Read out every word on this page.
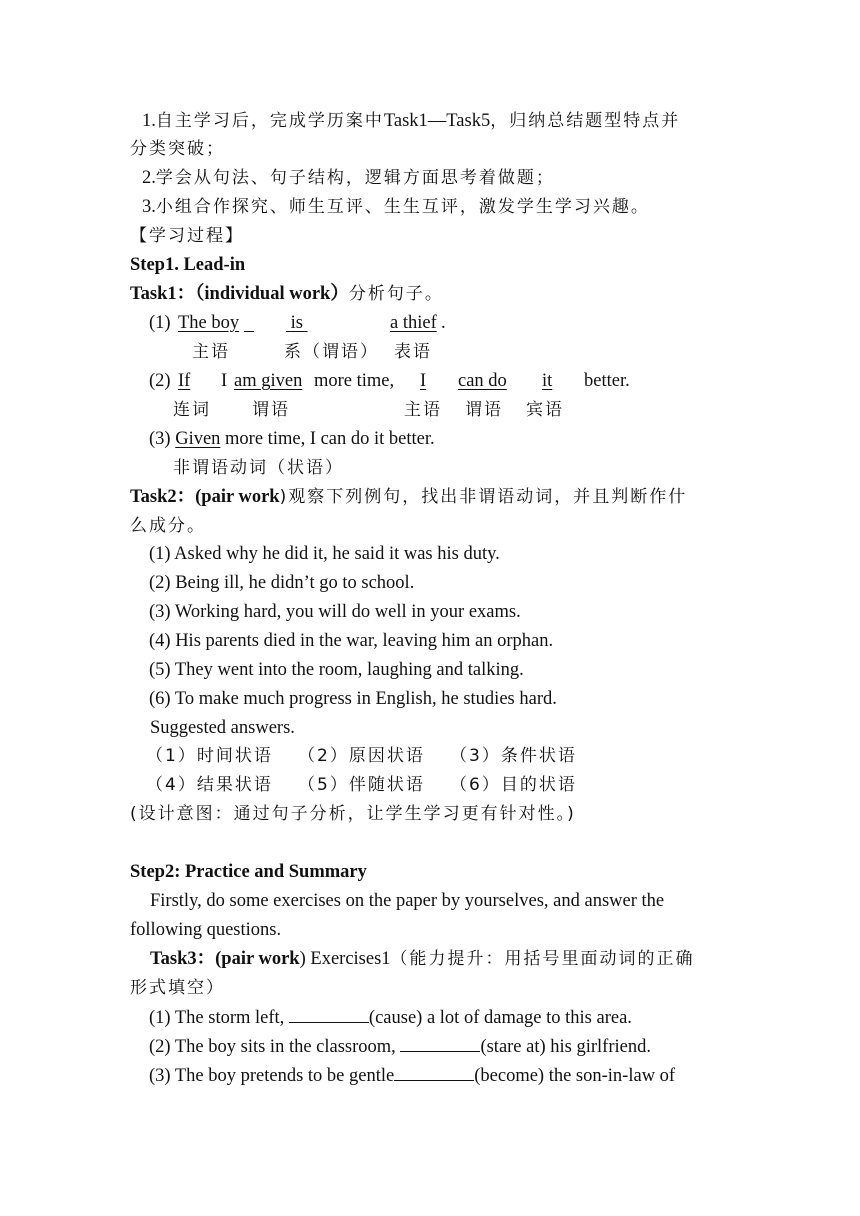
1.自主学习后，完成学历案中Task1—Task5，归纳总结题型特点并
分类突破；
2.学会从句法、句子结构，逻辑方面思考着做题；
3.小组合作探究、师生互评、生生互评，激发学生学习兴趣。
【学习过程】
Step1. Lead-in
Task1：（individual work）分析句子。
(1) The boy	is	a thief .
主语	系（谓语） 表语
(2) If I am given more time, I can do it better.
连词 谓语	主语 谓语 宾语
(3) Given more time, I can do it better.
非谓语动词（状语）
Task2：(pair work)观察下列例句，找出非谓语动词，并且判断作什
么成分。
(1) Asked why he did it, he said it was his duty.
(2) Being ill, he didn’t go to school.
(3) Working hard, you will do well in your exams.
(4) His parents died in the war, leaving him an orphan.
(5) They went into the room, laughing and talking.
(6) To make much progress in English, he studies hard.
Suggested answers.
（1）时间状语 （2）原因状语 （3）条件状语
（4）结果状语 （5）伴随状语 （6）目的状语
(设计意图：通过句子分析，让学生学习更有针对性。)
Step2: Practice and Summary
Firstly, do some exercises on the paper by yourselves, and answer the
following questions.
Task3：(pair work) Exercises1（能力提升：用括号里面动词的正确
形式填空）
(1) The storm left,	(cause) a lot of damage to this area.
(2) The boy sits in the classroom,	(stare at) his girlfriend.
(3) The boy pretends to be gentle	(become) the son-in-law of
